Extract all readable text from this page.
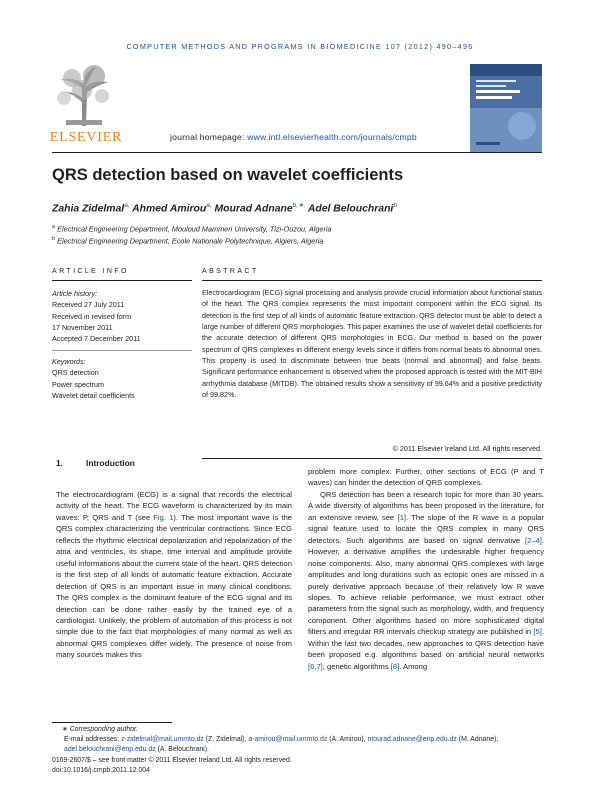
COMPUTER METHODS AND PROGRAMS IN BIOMEDICINE 107 (2012) 490–496
ELSEVIER	journal homepage: www.intl.elsevierhealth.com/journals/cmpb
QRS detection based on wavelet coefficients
Zahia Zidelmal$^{a,}$ Ahmed Amirou$^{a,}$ Mourad Adnane$^{b,∗,}$ Adel Belouchrani$^b$
$^a$ Electrical Engineering Department, Mouloud Mammeri University, Tizi-Ouzou, Algeria
$^b$ Electrical Engineering Department, Ecole Nationale Polytechnique, Algiers, Algeria
ARTICLE INFO	ABSTRACT
Article history:
Received 27 July 2011
Received in revised form
17 November 2011
Accepted 7 December 2011
Keywords:
QRS detection
Power spectrum
Wavelet detail coefficients
Electrocardiogram (ECG) signal processing and analysis provide crucial information about functional status of the heart. The QRS complex represents the most important component within the ECG signal. Its detection is the first step of all kinds of automatic feature extraction. QRS detector must be able to detect a large number of different QRS morphologies. This paper examines the use of wavelet detail coefficients for the accurate detection of different QRS morphologies in ECG. Our method is based on the power spectrum of QRS complexes in different energy levels since it differs from normal beats to abnormal ones. This property is used to discriminate between true beats (normal and abnormal) and false beats. Significant performance enhancement is observed when the proposed approach is tested with the MIT-BIH arrhythmia database (MITDB). The obtained results show a sensitivity of 99.64% and a positive predictivity of 99.82%.
© 2011 Elsevier Ireland Ltd. All rights reserved.
1.	Introduction

The electrocardiogram (ECG) is a signal that records the electrical activity of the heart. The ECG waveform is characterized by its main waves: P, QRS and T (see Fig. 1). The most important wave is the QRS complex characterizing the ventricular contractions. Since ECG reflects the rhythmic electrical depolarization and repolarization of the atria and ventricles, its shape, time interval and amplitude provide useful informations about the current state of the heart. QRS detection is the first step of all kinds of automatic feature extraction. Accurate detection of QRS is an important issue in many clinical conditions. The QRS complex is the dominant feature of the ECG signal and its detection can be done rather easily by the trained eye of a cardiologist. Unlikely, the problem of automation of this process is not simple due to the fact that morphologies of many normal as well as abnormal QRS complexes differ widely. The presence of noise from many sources makes this

problem more complex. Further, other sections of ECG (P and T waves) can hinder the detection of QRS complexes.

QRS detection has been a research topic for more than 30 years. A wide diversity of algorithms has been proposed in the literature, for an extensive review, see [1]. The slope of the R wave is a popular signal feature used to locate the QRS complex in many QRS detectors. Such algorithms are based on signal derivative [2–4]. However, a derivative amplifies the undesirable higher frequency noise components. Also, many abnormal QRS complexes with large amplitudes and long durations such as ectopic ones are missed in a purely derivative approach because of their relatively low R wave slopes. To achieve reliable performance, we must extract other parameters from the signal such as morphology, width, and frequency component. Other algorithms based on more sophisticated digital filters and irregular RR intervals checkup strategy are published in [5]. Within the last two decades, new approaches to QRS detection have been proposed e.g. algorithms based on artificial neural networks [6,7], genetic algorithms [8]. Among

∗ Corresponding author.
E-mail addresses: z-zidelmal@mail.ummto.dz (Z. Zidelmal), a-amirou@mail.ummto.dz (A. Amirou), mourad.adnane@enp.edu.dz (M. Adnane), adel.belouchrani@enp.edu.dz (A. Belouchrani).
0169-2607/$ – see front matter © 2011 Elsevier Ireland Ltd. All rights reserved.
doi:10.1016/j.cmpb.2011.12.004
